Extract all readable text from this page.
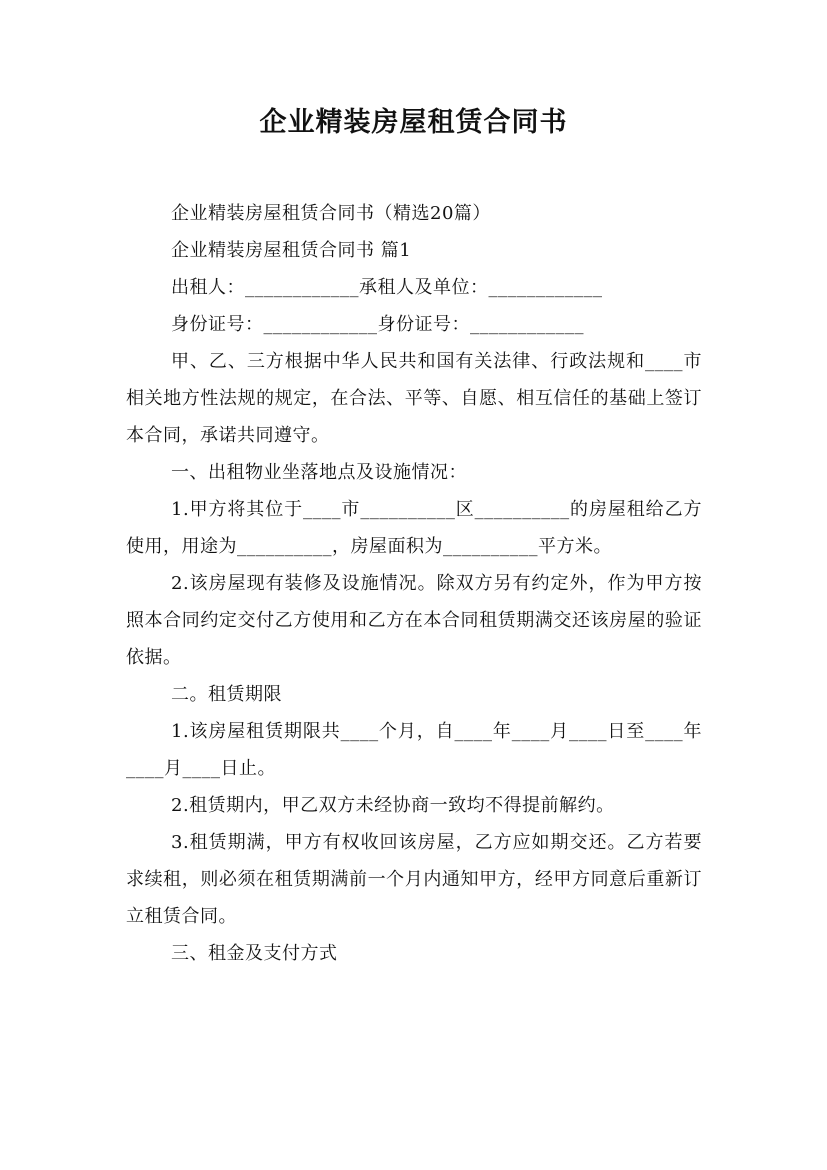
企业精装房屋租赁合同书

企业精装房屋租赁合同书（精选20篇）

企业精装房屋租赁合同书 篇1

出租人：____________承租人及单位：____________

身份证号：____________身份证号：____________

甲、乙、三方根据中华人民共和国有关法律、行政法规和____市相关地方性法规的规定，在合法、平等、自愿、相互信任的基础上签订本合同，承诺共同遵守。

一、出租物业坐落地点及设施情况：

1.甲方将其位于____市__________区__________的房屋租给乙方使用，用途为__________，房屋面积为__________平方米。

2.该房屋现有装修及设施情况。除双方另有约定外，作为甲方按照本合同约定交付乙方使用和乙方在本合同租赁期满交还该房屋的验证依据。

二。租赁期限

1.该房屋租赁期限共____个月，自____年____月____日至____年____月____日止。

2.租赁期内，甲乙双方未经协商一致均不得提前解约。

3.租赁期满，甲方有权收回该房屋，乙方应如期交还。乙方若要求续租，则必须在租赁期满前一个月内通知甲方，经甲方同意后重新订立租赁合同。

三、租金及支付方式
